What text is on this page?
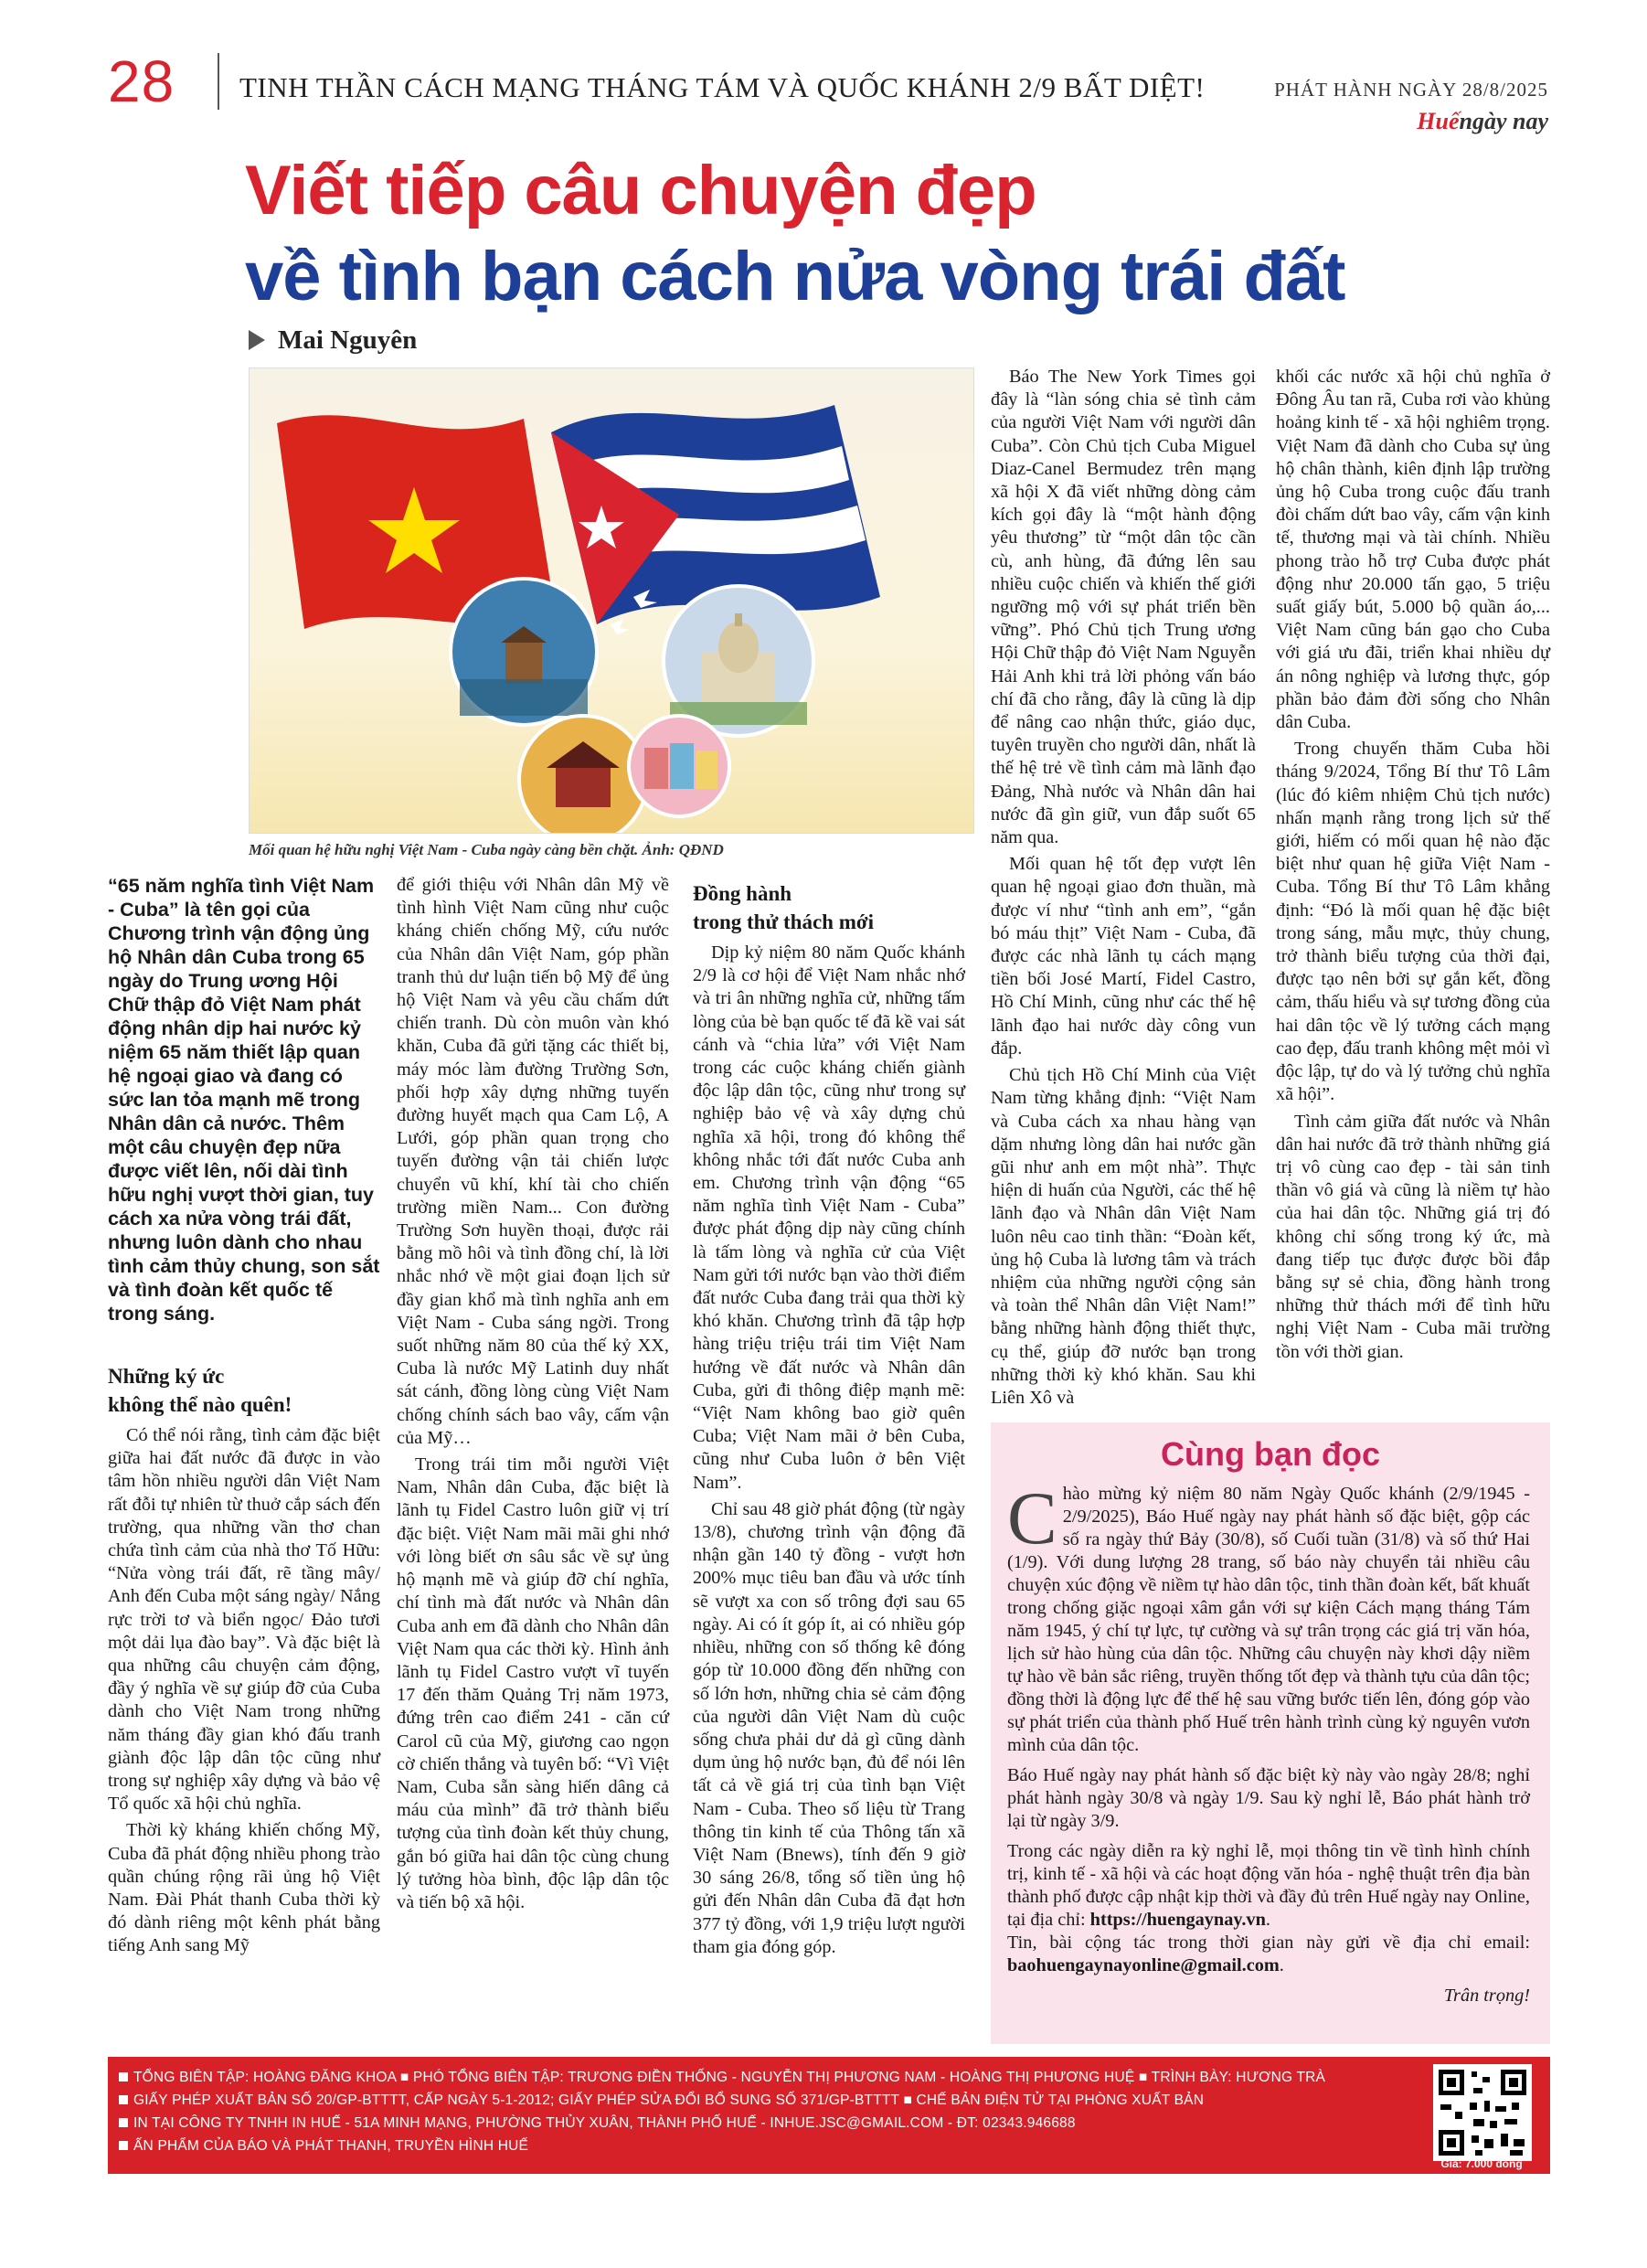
28 TINH THẦN CÁCH MẠNG THÁNG TÁM VÀ QUỐC KHÁNH 2/9 BẤT DIỆT!	PHÁT HÀNH NGÀY 28/8/2025
Huếngày nay
Viết tiếp câu chuyện đẹp
về tình bạn cách nửa vòng trái đất
Mai Nguyên
Mối quan hệ hữu nghị Việt Nam - Cuba ngày càng bền chặt. Ảnh: QĐND
“65 năm nghĩa tình Việt Nam - Cuba” là tên gọi của Chương trình vận động ủng hộ Nhân dân Cuba trong 65 ngày do Trung ương Hội Chữ thập đỏ Việt Nam phát động nhân dịp hai nước kỷ niệm 65 năm thiết lập quan hệ ngoại giao và đang có sức lan tỏa mạnh mẽ trong Nhân dân cả nước. Thêm một câu chuyện đẹp nữa được viết lên, nối dài tình hữu nghị vượt thời gian, tuy cách xa nửa vòng trái đất, nhưng luôn dành cho nhau tình cảm thủy chung, son sắt và tình đoàn kết quốc tế trong sáng.
Những ký ức
không thể nào quên!

Có thể nói rằng, tình cảm đặc biệt giữa hai đất nước đã được in vào tâm hồn nhiều người dân Việt Nam rất đỗi tự nhiên từ thuở cắp sách đến trường, qua những vần thơ chan chứa tình cảm của nhà thơ Tố Hữu: “Nửa vòng trái đất, rẽ tầng mây/ Anh đến Cuba một sáng ngày/ Nắng rực trời tơ và biển ngọc/ Đảo tươi một dải lụa đào bay”. Và đặc biệt là qua những câu chuyện cảm động, đầy ý nghĩa về sự giúp đỡ của Cuba dành cho Việt Nam trong những năm tháng đầy gian khó đấu tranh giành độc lập dân tộc cũng như trong sự nghiệp xây dựng và bảo vệ Tổ quốc xã hội chủ nghĩa.

Thời kỳ kháng khiến chống Mỹ, Cuba đã phát động nhiều phong trào quần chúng rộng rãi ủng hộ Việt Nam. Đài Phát thanh Cuba thời kỳ đó dành riêng một kênh phát bằng tiếng Anh sang Mỹ

để giới thiệu với Nhân dân Mỹ về tình hình Việt Nam cũng như cuộc kháng chiến chống Mỹ, cứu nước của Nhân dân Việt Nam, góp phần tranh thủ dư luận tiến bộ Mỹ để ủng hộ Việt Nam và yêu cầu chấm dứt chiến tranh. Dù còn muôn vàn khó khăn, Cuba đã gửi tặng các thiết bị, máy móc làm đường Trường Sơn, phối hợp xây dựng những tuyến đường huyết mạch qua Cam Lộ, A Lưới, góp phần quan trọng cho tuyến đường vận tải chiến lược chuyển vũ khí, khí tài cho chiến trường miền Nam... Con đường Trường Sơn huyền thoại, được rải bằng mồ hôi và tình đồng chí, là lời nhắc nhớ về một giai đoạn lịch sử đầy gian khổ mà tình nghĩa anh em Việt Nam - Cuba sáng ngời. Trong suốt những năm 80 của thế kỷ XX, Cuba là nước Mỹ Latinh duy nhất sát cánh, đồng lòng cùng Việt Nam chống chính sách bao vây, cấm vận của Mỹ…

Trong trái tim mỗi người Việt Nam, Nhân dân Cuba, đặc biệt là lãnh tụ Fidel Castro luôn giữ vị trí đặc biệt. Việt Nam mãi mãi ghi nhớ với lòng biết ơn sâu sắc về sự ủng hộ mạnh mẽ và giúp đỡ chí nghĩa, chí tình mà đất nước và Nhân dân Cuba anh em đã dành cho Nhân dân Việt Nam qua các thời kỳ. Hình ảnh lãnh tụ Fidel Castro vượt vĩ tuyến 17 đến thăm Quảng Trị năm 1973, đứng trên cao điểm 241 - căn cứ Carol cũ của Mỹ, giương cao ngọn cờ chiến thắng và tuyên bố: “Vì Việt Nam, Cuba sẵn sàng hiến dâng cả máu của mình” đã trở thành biểu tượng của tình đoàn kết thủy chung, gắn bó giữa hai dân tộc cùng chung lý tưởng hòa bình, độc lập dân tộc và tiến bộ xã hội.

Đồng hành
trong thử thách mới

Dịp kỷ niệm 80 năm Quốc khánh 2/9 là cơ hội để Việt Nam nhắc nhớ và tri ân những nghĩa cử, những tấm lòng của bè bạn quốc tế đã kề vai sát cánh và “chia lửa” với Việt Nam trong các cuộc kháng chiến giành độc lập dân tộc, cũng như trong sự nghiệp bảo vệ và xây dựng chủ nghĩa xã hội, trong đó không thể không nhắc tới đất nước Cuba anh em. Chương trình vận động “65 năm nghĩa tình Việt Nam - Cuba” được phát động dịp này cũng chính là tấm lòng và nghĩa cử của Việt Nam gửi tới nước bạn vào thời điểm đất nước Cuba đang trải qua thời kỳ khó khăn. Chương trình đã tập hợp hàng triệu triệu trái tim Việt Nam hướng về đất nước và Nhân dân Cuba, gửi đi thông điệp mạnh mẽ: “Việt Nam không bao giờ quên Cuba; Việt Nam mãi ở bên Cuba, cũng như Cuba luôn ở bên Việt Nam”.

Chỉ sau 48 giờ phát động (từ ngày 13/8), chương trình vận động đã nhận gần 140 tỷ đồng - vượt hơn 200% mục tiêu ban đầu và ước tính sẽ vượt xa con số trông đợi sau 65 ngày. Ai có ít góp ít, ai có nhiều góp nhiều, những con số thống kê đóng góp từ 10.000 đồng đến những con số lớn hơn, những chia sẻ cảm động của người dân Việt Nam dù cuộc sống chưa phải dư dả gì cũng dành dụm ủng hộ nước bạn, đủ để nói lên tất cả về giá trị của tình bạn Việt Nam - Cuba. Theo số liệu từ Trang thông tin kinh tế của Thông tấn xã Việt Nam (Bnews), tính đến 9 giờ 30 sáng 26/8, tổng số tiền ủng hộ gửi đến Nhân dân Cuba đã đạt hơn 377 tỷ đồng, với 1,9 triệu lượt người tham gia đóng góp.

Báo The New York Times gọi đây là “làn sóng chia sẻ tình cảm của người Việt Nam với người dân Cuba”. Còn Chủ tịch Cuba Miguel Diaz-Canel Bermudez trên mạng xã hội X đã viết những dòng cảm kích gọi đây là “một hành động yêu thương” từ “một dân tộc cần cù, anh hùng, đã đứng lên sau nhiều cuộc chiến và khiến thế giới ngưỡng mộ với sự phát triển bền vững”. Phó Chủ tịch Trung ương Hội Chữ thập đỏ Việt Nam Nguyễn Hải Anh khi trả lời phỏng vấn báo chí đã cho rằng, đây là cũng là dịp để nâng cao nhận thức, giáo dục, tuyên truyền cho người dân, nhất là thế hệ trẻ về tình cảm mà lãnh đạo Đảng, Nhà nước và Nhân dân hai nước đã gìn giữ, vun đắp suốt 65 năm qua.

Mối quan hệ tốt đẹp vượt lên quan hệ ngoại giao đơn thuần, mà được ví như “tình anh em”, “gắn bó máu thịt” Việt Nam - Cuba, đã được các nhà lãnh tụ cách mạng tiền bối José Martí, Fidel Castro, Hồ Chí Minh, cũng như các thế hệ lãnh đạo hai nước dày công vun đắp.

Chủ tịch Hồ Chí Minh của Việt Nam từng khẳng định: “Việt Nam và Cuba cách xa nhau hàng vạn dặm nhưng lòng dân hai nước gần gũi như anh em một nhà”. Thực hiện di huấn của Người, các thế hệ lãnh đạo và Nhân dân Việt Nam luôn nêu cao tinh thần: “Đoàn kết, ủng hộ Cuba là lương tâm và trách nhiệm của những người cộng sản và toàn thể Nhân dân Việt Nam!” bằng những hành động thiết thực, cụ thể, giúp đỡ nước bạn trong những thời kỳ khó khăn. Sau khi Liên Xô và

khối các nước xã hội chủ nghĩa ở Đông Âu tan rã, Cuba rơi vào khủng hoảng kinh tế - xã hội nghiêm trọng. Việt Nam đã dành cho Cuba sự ủng hộ chân thành, kiên định lập trường ủng hộ Cuba trong cuộc đấu tranh đòi chấm dứt bao vây, cấm vận kinh tế, thương mại và tài chính. Nhiều phong trào hỗ trợ Cuba được phát động như 20.000 tấn gạo, 5 triệu suất giấy bút, 5.000 bộ quần áo,... Việt Nam cũng bán gạo cho Cuba với giá ưu đãi, triển khai nhiều dự án nông nghiệp và lương thực, góp phần bảo đảm đời sống cho Nhân dân Cuba.

Trong chuyến thăm Cuba hồi tháng 9/2024, Tổng Bí thư Tô Lâm (lúc đó kiêm nhiệm Chủ tịch nước) nhấn mạnh rằng trong lịch sử thế giới, hiếm có mối quan hệ nào đặc biệt như quan hệ giữa Việt Nam - Cuba. Tổng Bí thư Tô Lâm khẳng định: “Đó là mối quan hệ đặc biệt trong sáng, mẫu mực, thủy chung, trở thành biểu tượng của thời đại, được tạo nên bởi sự gắn kết, đồng cảm, thấu hiểu và sự tương đồng của hai dân tộc về lý tưởng cách mạng cao đẹp, đấu tranh không mệt mỏi vì độc lập, tự do và lý tưởng chủ nghĩa xã hội”.

Tình cảm giữa đất nước và Nhân dân hai nước đã trở thành những giá trị vô cùng cao đẹp - tài sản tinh thần vô giá và cũng là niềm tự hào của hai dân tộc. Những giá trị đó không chỉ sống trong ký ức, mà đang tiếp tục được được bồi đắp bằng sự sẻ chia, đồng hành trong những thử thách mới để tình hữu nghị Việt Nam - Cuba mãi trường tồn với thời gian.

Cùng bạn đọc

Chào mừng kỷ niệm 80 năm Ngày Quốc khánh (2/9/1945 - 2/9/2025), Báo Huế ngày nay phát hành số đặc biệt, gộp các số ra ngày thứ Bảy (30/8), số Cuối tuần (31/8) và số thứ Hai (1/9). Với dung lượng 28 trang, số báo này chuyển tải nhiều câu chuyện xúc động về niềm tự hào dân tộc, tinh thần đoàn kết, bất khuất trong chống giặc ngoại xâm gắn với sự kiện Cách mạng tháng Tám năm 1945, ý chí tự lực, tự cường và sự trân trọng các giá trị văn hóa, lịch sử hào hùng của dân tộc. Những câu chuyện này khơi dậy niềm tự hào về bản sắc riêng, truyền thống tốt đẹp và thành tựu của dân tộc; đồng thời là động lực để thế hệ sau vững bước tiến lên, đóng góp vào sự phát triển của thành phố Huế trên hành trình cùng kỷ nguyên vươn mình của dân tộc.

Báo Huế ngày nay phát hành số đặc biệt kỳ này vào ngày 28/8; nghỉ phát hành ngày 30/8 và ngày 1/9. Sau kỳ nghỉ lễ, Báo phát hành trở lại từ ngày 3/9.

Trong các ngày diễn ra kỳ nghỉ lễ, mọi thông tin về tình hình chính trị, kinh tế - xã hội và các hoạt động văn hóa - nghệ thuật trên địa bàn thành phố được cập nhật kịp thời và đầy đủ trên Huế ngày nay Online, tại địa chỉ: https://huengaynay.vn.
Tin, bài cộng tác trong thời gian này gửi về địa chỉ email: baohuengaynayonline@gmail.com.

Trân trọng!

TỔNG BIÊN TẬP: HOÀNG ĐĂNG KHOA ■ PHÓ TỔNG BIÊN TẬP: TRƯƠNG ĐIỀN THỐNG - NGUYỄN THỊ PHƯƠNG NAM - HOÀNG THỊ PHƯƠNG HUỆ ■ TRÌNH BÀY: HƯƠNG TRÀ
GIẤY PHÉP XUẤT BẢN SỐ 20/GP-BTTTT, CẤP NGÀY 5-1-2012; GIẤY PHÉP SỬA ĐỔI BỔ SUNG SỐ 371/GP-BTTTT ■ CHẾ BẢN ĐIỆN TỬ TẠI PHÒNG XUẤT BẢN
IN TẠI CÔNG TY TNHH IN HUẾ - 51A MINH MẠNG, PHƯỜNG THỦY XUÂN, THÀNH PHỐ HUẾ - INHUE.JSC@GMAIL.COM - ĐT: 02343.946688
ẤN PHẨM CỦA BÁO VÀ PHÁT THANH, TRUYỀN HÌNH HUẾ
Giá: 7.000 đồng
